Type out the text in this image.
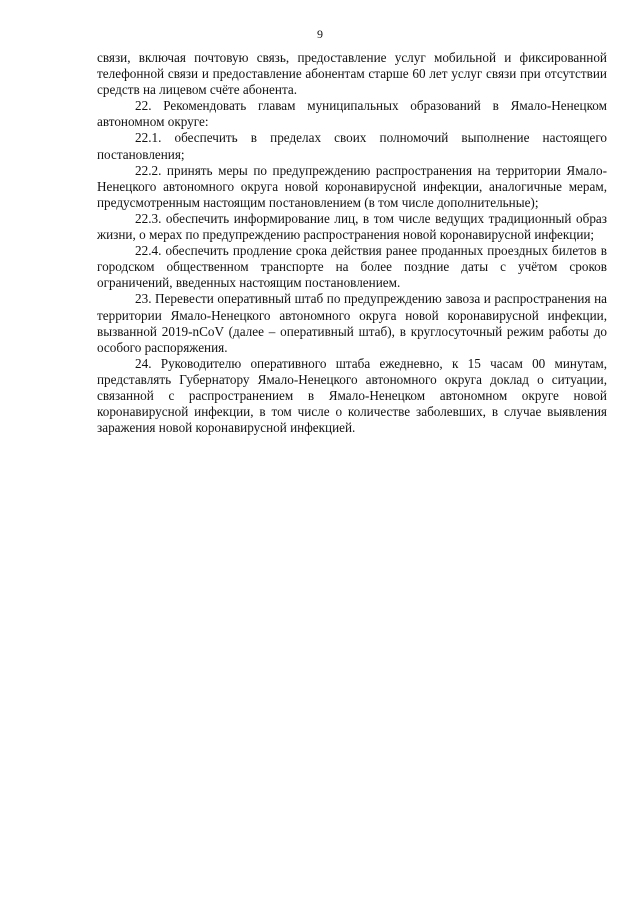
9

связи, включая почтовую связь, предоставление услуг мобильной и фиксированной телефонной связи и предоставление абонентам старше 60 лет услуг связи при отсутствии средств на лицевом счёте абонента.

22. Рекомендовать главам муниципальных образований в Ямало-Ненецком автономном округе:

22.1. обеспечить в пределах своих полномочий выполнение настоящего постановления;

22.2. принять меры по предупреждению распространения на территории Ямало-Ненецкого автономного округа новой коронавирусной инфекции, аналогичные мерам, предусмотренным настоящим постановлением (в том числе дополнительные);

22.3. обеспечить информирование лиц, в том числе ведущих традиционный образ жизни, о мерах по предупреждению распространения новой коронавирусной инфекции;

22.4. обеспечить продление срока действия ранее проданных проездных билетов в городском общественном транспорте на более поздние даты с учётом сроков ограничений, введенных настоящим постановлением.

23. Перевести оперативный штаб по предупреждению завоза и распространения на территории Ямало-Ненецкого автономного округа новой коронавирусной инфекции, вызванной 2019-nCoV (далее – оперативный штаб), в круглосуточный режим работы до особого распоряжения.

24. Руководителю оперативного штаба ежедневно, к 15 часам 00 минутам, представлять Губернатору Ямало-Ненецкого автономного округа доклад о ситуации, связанной с распространением в Ямало-Ненецком автономном округе новой коронавирусной инфекции, в том числе о количестве заболевших, в случае выявления заражения новой коронавирусной инфекцией.
